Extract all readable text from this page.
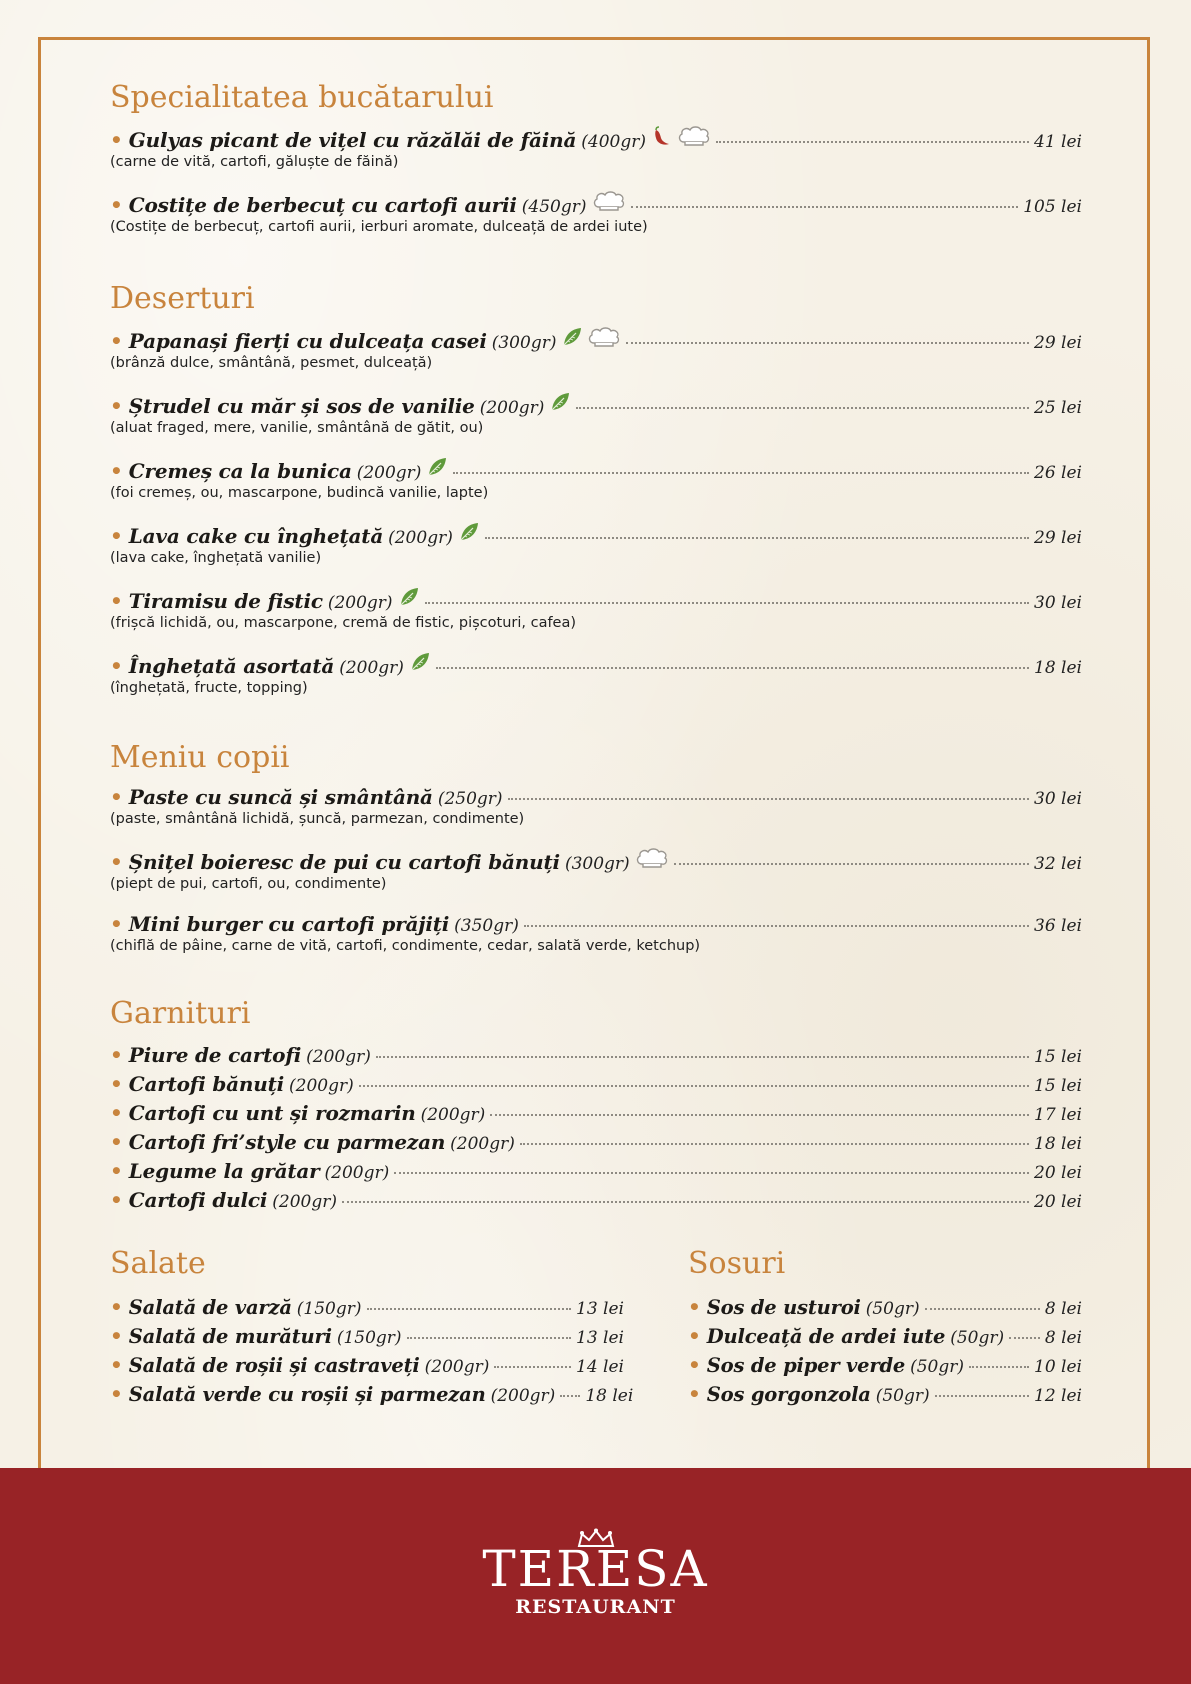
Specialitatea bucătarului
• Gulyas picant de vițel cu răzălăi de făină (400gr)	41 lei
(carne de vită, cartofi, găluște de făină)
• Costițe de berbecuț cu cartofi aurii (450gr)	105 lei
(Costițe de berbecuț, cartofi aurii, ierburi aromate, dulceață de ardei iute)
Deserturi
• Papanași fierți cu dulceața casei (300gr)	29 lei
(brânză dulce, smântână, pesmet, dulceață)
• Ștrudel cu măr și sos de vanilie (200gr)	25 lei
(aluat fraged, mere, vanilie, smântână de gătit, ou)
• Cremeș ca la bunica (200gr)	26 lei
(foi cremeș, ou, mascarpone, budincă vanilie, lapte)
• Lava cake cu înghețată (200gr)	29 lei
(lava cake, înghețată vanilie)
• Tiramisu de fistic (200gr)	30 lei
(frișcă lichidă, ou, mascarpone, cremă de fistic, pișcoturi, cafea)
• Înghețată asortată (200gr)	18 lei
(înghețată, fructe, topping)
Meniu copii
• Paste cu suncă și smântână (250gr)	30 lei
(paste, smântână lichidă, șuncă, parmezan, condimente)
• Șnițel boieresc de pui cu cartofi bănuți (300gr)	32 lei
(piept de pui, cartofi, ou, condimente)
• Mini burger cu cartofi prăjiți (350gr)	36 lei
(chiflă de pâine, carne de vită, cartofi, condimente, cedar, salată verde, ketchup)
Garnituri
• Piure de cartofi (200gr)	15 lei
• Cartofi bănuți (200gr)	15 lei
• Cartofi cu unt și rozmarin (200gr)	17 lei
• Cartofi fri’style cu parmezan (200gr)	18 lei
• Legume la grătar (200gr)	20 lei
• Cartofi dulci (200gr)	20 lei
Salate
• Salată de varză (150gr)	13 lei
• Salată de murături (150gr)	13 lei
• Salată de roșii și castraveți (200gr)	14 lei
• Salată verde cu roșii și parmezan (200gr) 18 lei
Sosuri
• Sos de usturoi (50gr)	8 lei
• Dulceață de ardei iute (50gr) 8 lei
• Sos de piper verde (50gr)	10 lei
• Sos gorgonzola (50gr)	12 lei
TERESA
RESTAURANT
